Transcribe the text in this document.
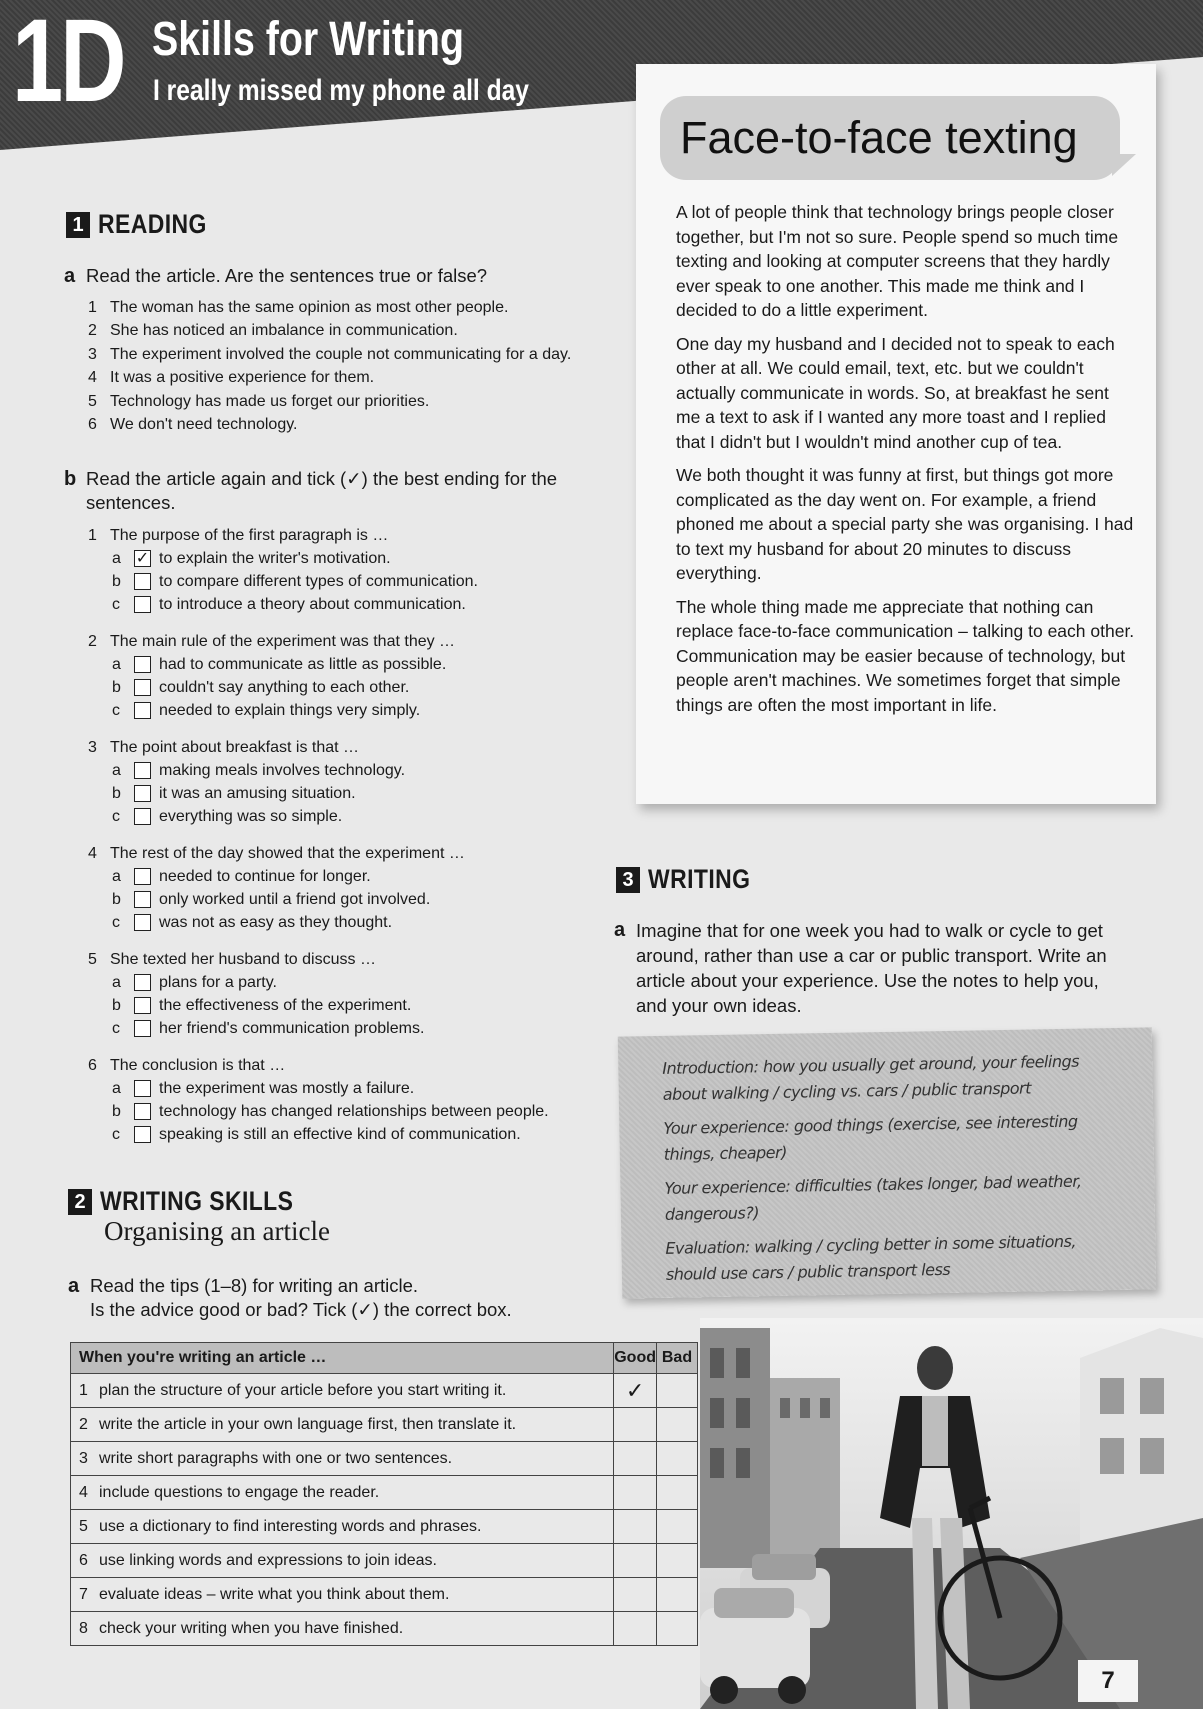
1D Skills for Writing
I really missed my phone all day
Face-to-face texting

A lot of people think that technology brings people closer together, but I'm not so sure. People spend so much time texting and looking at computer screens that they hardly ever speak to one another. This made me think and I decided to do a little experiment.

One day my husband and I decided not to speak to each other at all. We could email, text, etc. but we couldn't actually communicate in words. So, at breakfast he sent me a text to ask if I wanted any more toast and I replied that I didn't but I wouldn't mind another cup of tea.

We both thought it was funny at first, but things got more complicated as the day went on. For example, a friend phoned me about a special party she was organising. I had to text my husband for about 20 minutes to discuss everything.

The whole thing made me appreciate that nothing can replace face-to-face communication – talking to each other. Communication may be easier because of technology, but people aren't machines. We sometimes forget that simple things are often the most important in life.

1 READING
a Read the article. Are the sentences true or false?
1 The woman has the same opinion as most other people.
2 She has noticed an imbalance in communication.
3 The experiment involved the couple not communicating for a day.
4 It was a positive experience for them.
5 Technology has made us forget our priorities.
6 We don't need technology.
b Read the article again and tick (✓) the best ending for the sentences.
1 The purpose of the first paragraph is …
a ✓ to explain the writer's motivation.
b	to compare different types of communication.
c	to introduce a theory about communication.
2 The main rule of the experiment was that they …
a	had to communicate as little as possible.
b	couldn't say anything to each other.
c	needed to explain things very simply.
3 The point about breakfast is that …
a	making meals involves technology.
b	it was an amusing situation.
c	everything was so simple.
4 The rest of the day showed that the experiment …
a	needed to continue for longer.
b	only worked until a friend got involved.
c	was not as easy as they thought.
5 She texted her husband to discuss …
a	plans for a party.
b	the effectiveness of the experiment.
c	her friend's communication problems.
6 The conclusion is that …
a	the experiment was mostly a failure.
b	technology has changed relationships between people.
c	speaking is still an effective kind of communication.
2 WRITING SKILLS
Organising an article
a Read the tips (1–8) for writing an article.
Is the advice good or bad? Tick (✓) the correct box.
When you're writing an article …	Good	Bad
1 plan the structure of your article before you start writing it.	✓	
2 write the article in your own language first, then translate it.		
3 write short paragraphs with one or two sentences.		
4 include questions to engage the reader.		
5 use a dictionary to find interesting words and phrases.		
6 use linking words and expressions to join ideas.		
7 evaluate ideas – write what you think about them.		
8 check your writing when you have finished.		
3 WRITING
a Imagine that for one week you had to walk or cycle to get around, rather than use a car or public transport. Write an article about your experience. Use the notes to help you, and your own ideas.

Introduction: how you usually get around, your feelings about walking / cycling vs. cars / public transport

Your experience: good things (exercise, see interesting things, cheaper)

Your experience: difficulties (takes longer, bad weather, dangerous?)

Evaluation: walking / cycling better in some situations, should use cars / public transport less

7
